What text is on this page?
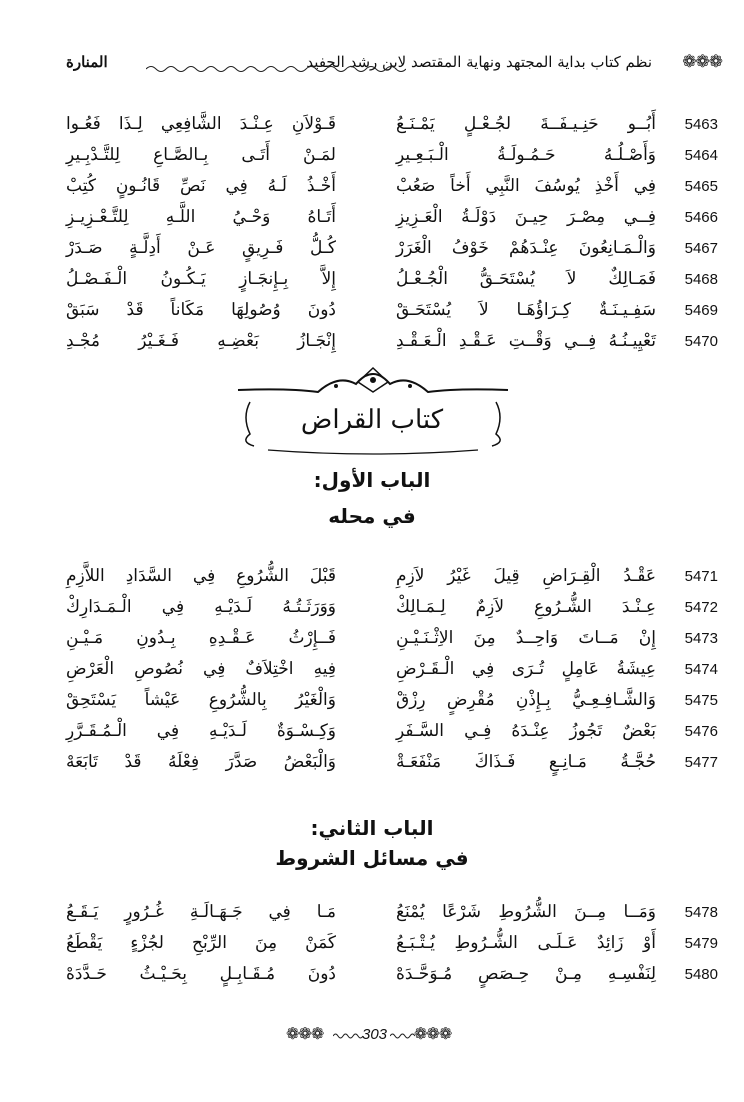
❁❁❁
نظم كتاب بداية المجتهد ونهاية المقتصد لابن رشد الحفيد
المنارة
5463
أَبُــو حَنِـيـفَــةَ لجُـعْـلٍ يَمْـنَـعُ
قَـوْلاَنِ عِـنْـدَ الشَّافِعِي لِـذَا فَعُـوا
5464
وَأَصْـلُـهُ حَـمُـولَـةُ الْـبَـعِـيرِ
لمَـنْ أَتَـى بِـالصَّـاعِ لِلتَّـدْبِـيرِ
5465
فِي أَخْذِ يُوسُفَ النَّبِي أَخاً صَعُبْ
أَخْـذُ لَـهُ فِي نَصِّ قَانُـونٍ كُتِبْ
5466
فِــي مِصْـرَ حِيـنَ دَوْلَـةُ الْعَـزِيزِ
أَتَـاهُ وَحْـيُ اللَّـهِ لِلتَّـعْـزِيـزِ
5467
وَالْـمَـانِعُونَ عِنْـدَهُمْ خَوْفُ الْغَرَرْ
كُـلُّ فَـرِيقٍ عَـنْ أَدِلَّـةٍ صَـدَرْ
5468
فَمَـالِكٌ لاَ يُسْتَحَـقُّ الْجُـعْـلُ
إِلاَّ بِـإِنجَـازٍ يَـكُـونُ الْـفَـصْـلُ
5469
سَفِـيـنَـةٌ كِـرَاؤُهَـا لاَ يُسْتَحَـقْ
دُونَ وُصُولِهَا مَكَاناً قَدْ سَبَقْ
5470
تَعْيِيـنُـهُ فِــي وَقْــتِ عَـقْـدِ الْـعَـقْـدِ
إِنْجَـازُ بَعْضِـهِ فَـغَـيْرُ مُجْـدِ
كتاب القراض
الباب الأول:
في محله
5471
عَقْـدُ الْقِـرَاضِ قِيلَ غَيْرُ لاَزِمِ
قَبْلَ الشُّرُوعِ فِي السَّدَادِ اللاَّزِمِ
5472
عِـنْـدَ الشُّـرُوعِ لاَزِمٌ لِـمَـالِكْ
وَوَرَثَـتُـهُ لَـدَيْـهِ فِي الْـمَـدَارِكْ
5473
إِنْ مَــاتَ وَاحِــدٌ مِنَ الاِثْـنَـيْـنِ
فَــإِرْثُ عَـقْـدِهِ بِـدُونِ مَـيْـنِ
5474
عِيشَةُ عَامِلٍ تُـرَى فِي الْـقَـرْضِ
فِيهِ اخْتِلاَفٌ فِي نُصُوصِ الْعَرْضِ
5475
وَالشَّـافِـعِـيُّ بِـإِذْنِ مُقْرِضٍ رِزْقْ
وَالْغَيْرُ بِالشُّرُوعِ عَيْشاً يَسْتَحِقْ
5476
بَعْضٌ تَجُوزُ عِنْـدَهُ فِـي السَّـفَرِ
وَكِـسْـوَةٌ لَـدَيْـهِ فِي الْـمُـقَـرَّرِ
5477
حُجَّـةُ مَـانِـعٍ فَـذَاكَ مَنْفَعَـةْ
وَالْبَعْضُ صَدَّرَ فِعْلَهُ قَدْ تَابَعَهْ
الباب الثاني:
في مسائل الشروط
5478
وَمَــا مِــنَ الشُّرُوطِ شَرْعًا يُمْنَعُ
مَـا فِي جَـهَـالَـةِ غُـرُورٍ يَـقَـعُ
5479
أَوْ زَائِدٌ عَـلَـى الشُّـرُوطِ يُـتْـبَـعُ
كَمَنْ مِنَ الرِّبْحِ لجُزْءٍ يَقْطَعُ
5480
لِنَفْسِـهِ مِـنْ حِـصَصٍ مُـوَحَّـدَهْ
دُونَ مُـقَـابِـلٍ بِحَـيْـثُ حَـدَّدَهْ
❁❁❁	303 ❁❁❁
